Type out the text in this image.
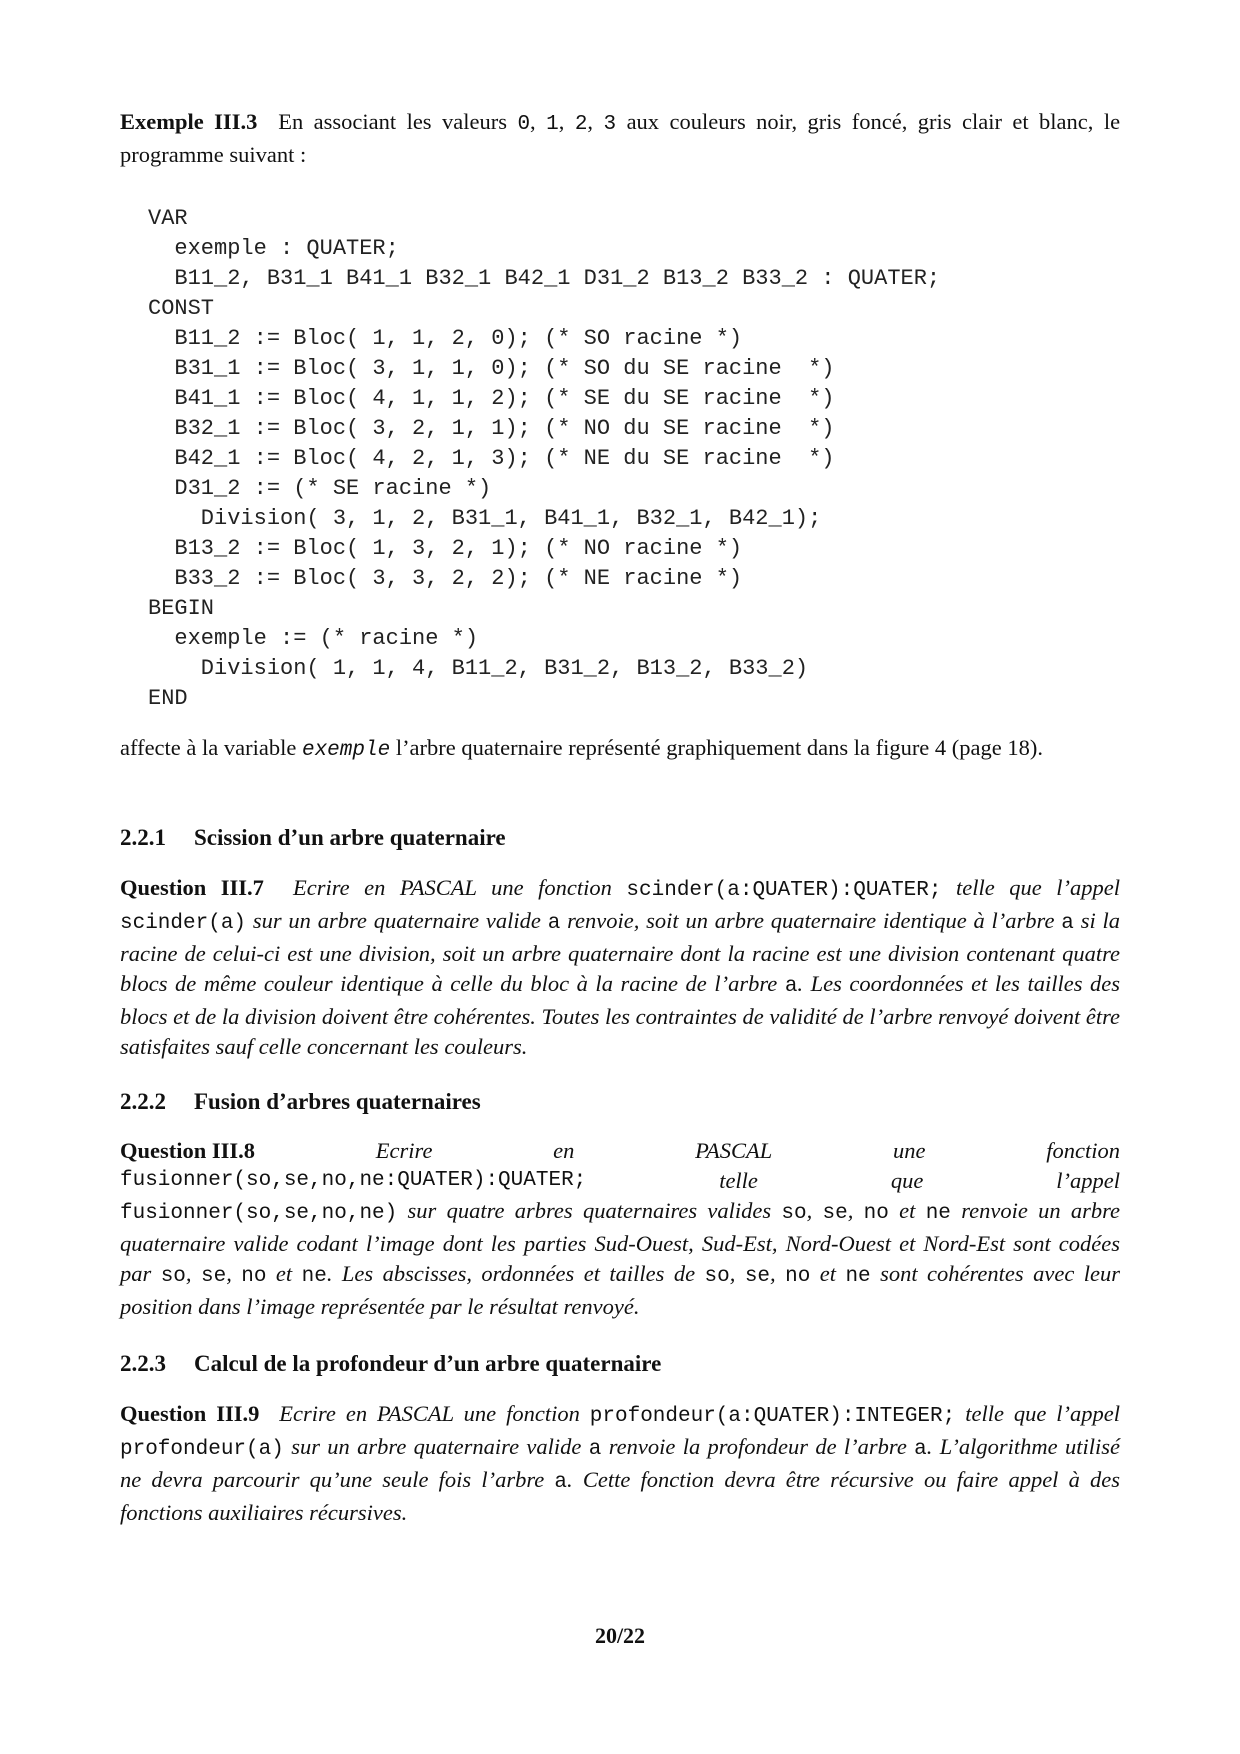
Exemple III.3 En associant les valeurs 0, 1, 2, 3 aux couleurs noir, gris foncé, gris clair et blanc, le programme suivant :

VAR
exemple : QUATER;
B11_2, B31_1 B41_1 B32_1 B42_1 D31_2 B13_2 B33_2 : QUATER;
CONST
B11_2 := Bloc( 1, 1, 2, 0); (* SO racine *)
B31_1 := Bloc( 3, 1, 1, 0); (* SO du SE racine  *)
B41_1 := Bloc( 4, 1, 1, 2); (* SE du SE racine  *)
B32_1 := Bloc( 3, 2, 1, 1); (* NO du SE racine  *)
B42_1 := Bloc( 4, 2, 1, 3); (* NE du SE racine  *)
D31_2 := (* SE racine *)
Division( 3, 1, 2, B31_1, B41_1, B32_1, B42_1);
B13_2 := Bloc( 1, 3, 2, 1); (* NO racine *)
B33_2 := Bloc( 3, 3, 2, 2); (* NE racine *)
BEGIN
exemple := (* racine *)
Division( 1, 1, 4, B11_2, B31_2, B13_2, B33_2)
END

affecte à la variable exemple l’arbre quaternaire représenté graphiquement dans la figure 4 (page 18).

2.2.1 Scission d’un arbre quaternaire

Question III.7 Ecrire en PASCAL une fonction scinder(a:QUATER):QUATER; telle que l’appel scinder(a) sur un arbre quaternaire valide a renvoie, soit un arbre quaternaire identique à l’arbre a si la racine de celui-ci est une division, soit un arbre quaternaire dont la racine est une division contenant quatre blocs de même couleur identique à celle du bloc à la racine de l’arbre a. Les coordonnées et les tailles des blocs et de la division doivent être cohérentes. Toutes les contraintes de validité de l’arbre renvoyé doivent être satisfaites sauf celle concernant les couleurs.

2.2.2 Fusion d’arbres quaternaires
Question III.8	Ecrire	en	PASCAL	une	fonction
fusionner(so,se,no,ne:QUATER):QUATER;	telle	que	l’appel

fusionner(so,se,no,ne) sur quatre arbres quaternaires valides so, se, no et ne renvoie un arbre quaternaire valide codant l’image dont les parties Sud-Ouest, Sud-Est, Nord-Ouest et Nord-Est sont codées par so, se, no et ne. Les abscisses, ordonnées et tailles de so, se, no et ne sont cohérentes avec leur position dans l’image représentée par le résultat renvoyé.

2.2.3 Calcul de la profondeur d’un arbre quaternaire

Question III.9 Ecrire en PASCAL une fonction profondeur(a:QUATER):INTEGER; telle que l’appel profondeur(a) sur un arbre quaternaire valide a renvoie la profondeur de l’arbre a. L’algorithme utilisé ne devra parcourir qu’une seule fois l’arbre a. Cette fonction devra être récursive ou faire appel à des fonctions auxiliaires récursives.

20/22
